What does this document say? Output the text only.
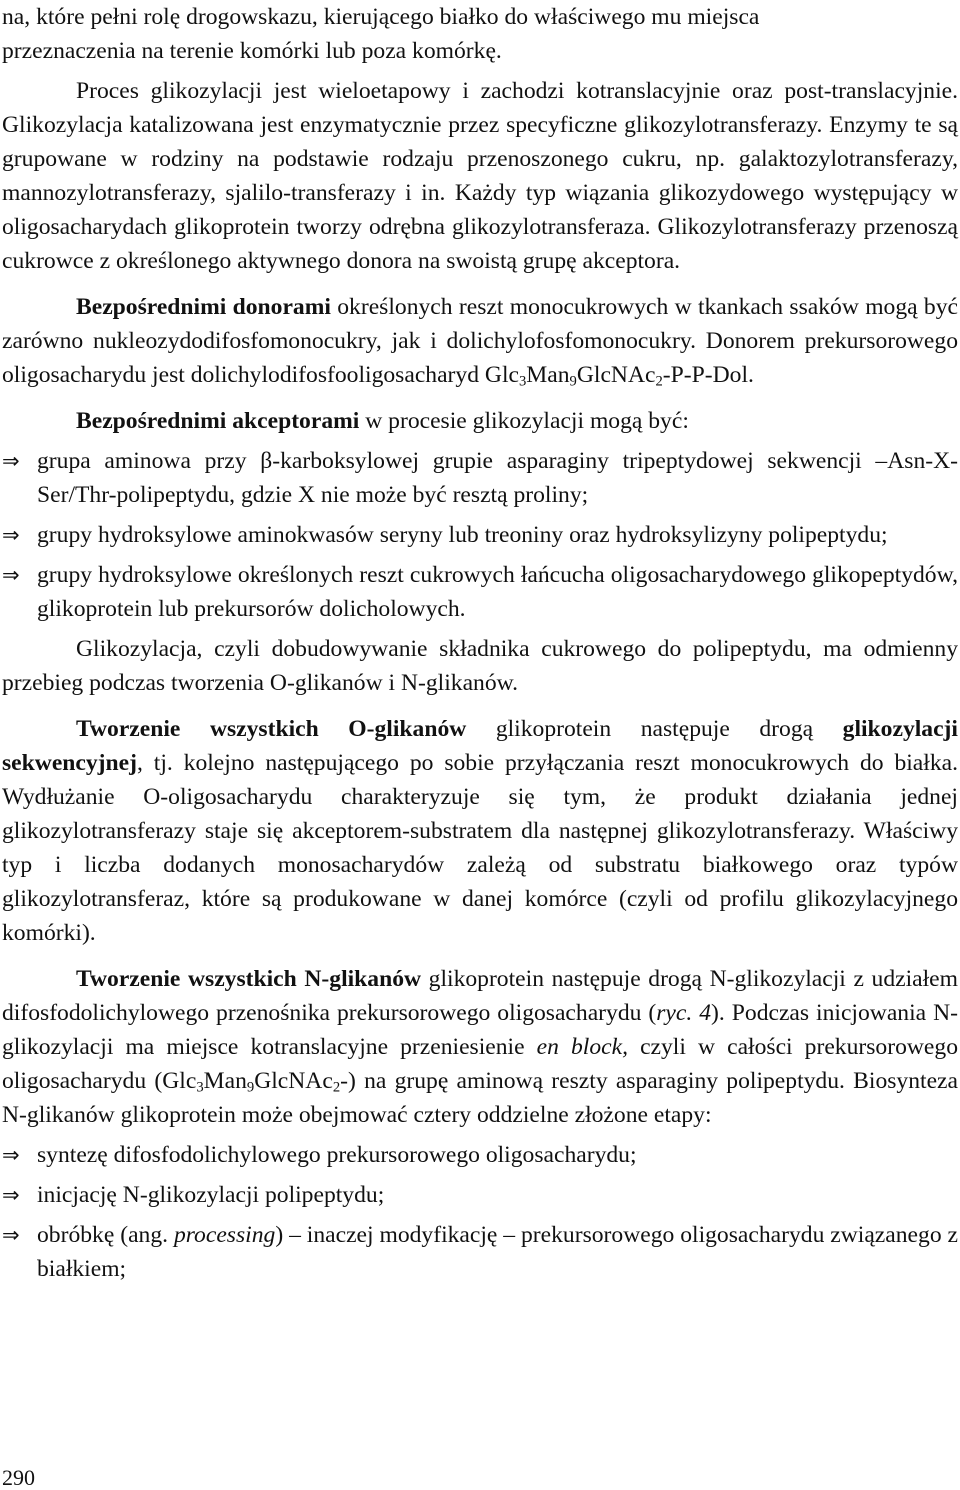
na, które pełni rolę drogowskazu, kierującego białko do właściwego mu miejsca
przeznaczenia na terenie komórki lub poza komórkę.

Proces glikozylacji jest wieloetapowy i zachodzi kotranslacyjnie oraz post-translacyjnie. Glikozylacja katalizowana jest enzymatycznie przez specyficzne glikozylotransferazy. Enzymy te są grupowane w rodziny na podstawie rodzaju przenoszonego cukru, np. galaktozylotransferazy, mannozylotransferazy, sjalilo-transferazy i in. Każdy typ wiązania glikozydowego występujący w oligosacharydach glikoprotein tworzy odrębna glikozylotransferaza. Glikozylotransferazy przenoszą cukrowce z określonego aktywnego donora na swoistą grupę akceptora.

Bezpośrednimi donorami określonych reszt monocukrowych w tkankach ssaków mogą być zarówno nukleozydodifosfomonocukry, jak i dolichylofosfomonocukry. Donorem prekursorowego oligosacharydu jest dolichylodifosfooligosacharyd Glc$_3$Man$_9$GlcNAc$_2$-P-P-Dol.

Bezpośrednimi akceptorami w procesie glikozylacji mogą być:

⇒ grupa aminowa przy β-karboksylowej grupie asparaginy tripeptydowej sekwencji –Asn-X-Ser/Thr-polipeptydu, gdzie X nie może być resztą proliny;
⇒ grupy hydroksylowe aminokwasów seryny lub treoniny oraz hydroksylizyny polipeptydu;
⇒ grupy hydroksylowe określonych reszt cukrowych łańcucha oligosacharydowego glikopeptydów, glikoprotein lub prekursorów dolicholowych.

Glikozylacja, czyli dobudowywanie składnika cukrowego do polipeptydu, ma odmienny przebieg podczas tworzenia O-glikanów i N-glikanów.

Tworzenie wszystkich O-glikanów glikoprotein następuje drogą glikozylacji sekwencyjnej, tj. kolejno następującego po sobie przyłączania reszt monocukrowych do białka. Wydłużanie O-oligosacharydu charakteryzuje się tym, że produkt działania jednej glikozylotransferazy staje się akceptorem-substratem dla następnej glikozylotransferazy. Właściwy typ i liczba dodanych monosacharydów zależą od substratu białkowego oraz typów glikozylotransferaz, które są produkowane w danej komórce (czyli od profilu glikozylacyjnego komórki).

Tworzenie wszystkich N-glikanów glikoprotein następuje drogą N-glikozylacji z udziałem difosfodolichylowego przenośnika prekursorowego oligosacharydu (ryc. 4). Podczas inicjowania N-glikozylacji ma miejsce kotranslacyjne przeniesienie en block, czyli w całości prekursorowego oligosacharydu (Glc$_3$Man$_9$GlcNAc$_2$-) na grupę aminową reszty asparaginy polipeptydu. Biosynteza N-glikanów glikoprotein może obejmować cztery oddzielne złożone etapy:

⇒ syntezę difosfodolichylowego prekursorowego oligosacharydu;
⇒ inicjację N-glikozylacji polipeptydu;
⇒ obróbkę (ang. processing) – inaczej modyfikację – prekursorowego oligosacharydu związanego z białkiem;
290
